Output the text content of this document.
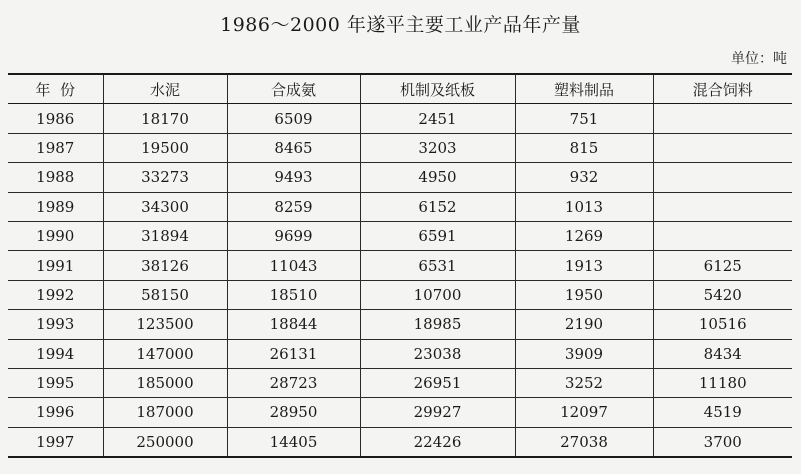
1986～2000 年遂平主要工业产品年产量
单位：吨
年  份	水泥	合成氨	机制及纸板	塑料制品	混合饲料
1986	18170	6509	2451	751	
1987	19500	8465	3203	815	
1988	33273	9493	4950	932	
1989	34300	8259	6152	1013	
1990	31894	9699	6591	1269	
1991	38126	11043	6531	1913	6125
1992	58150	18510	10700	1950	5420
1993	123500	18844	18985	2190	10516
1994	147000	26131	23038	3909	8434
1995	185000	28723	26951	3252	11180
1996	187000	28950	29927	12097	4519
1997	250000	14405	22426	27038	3700
